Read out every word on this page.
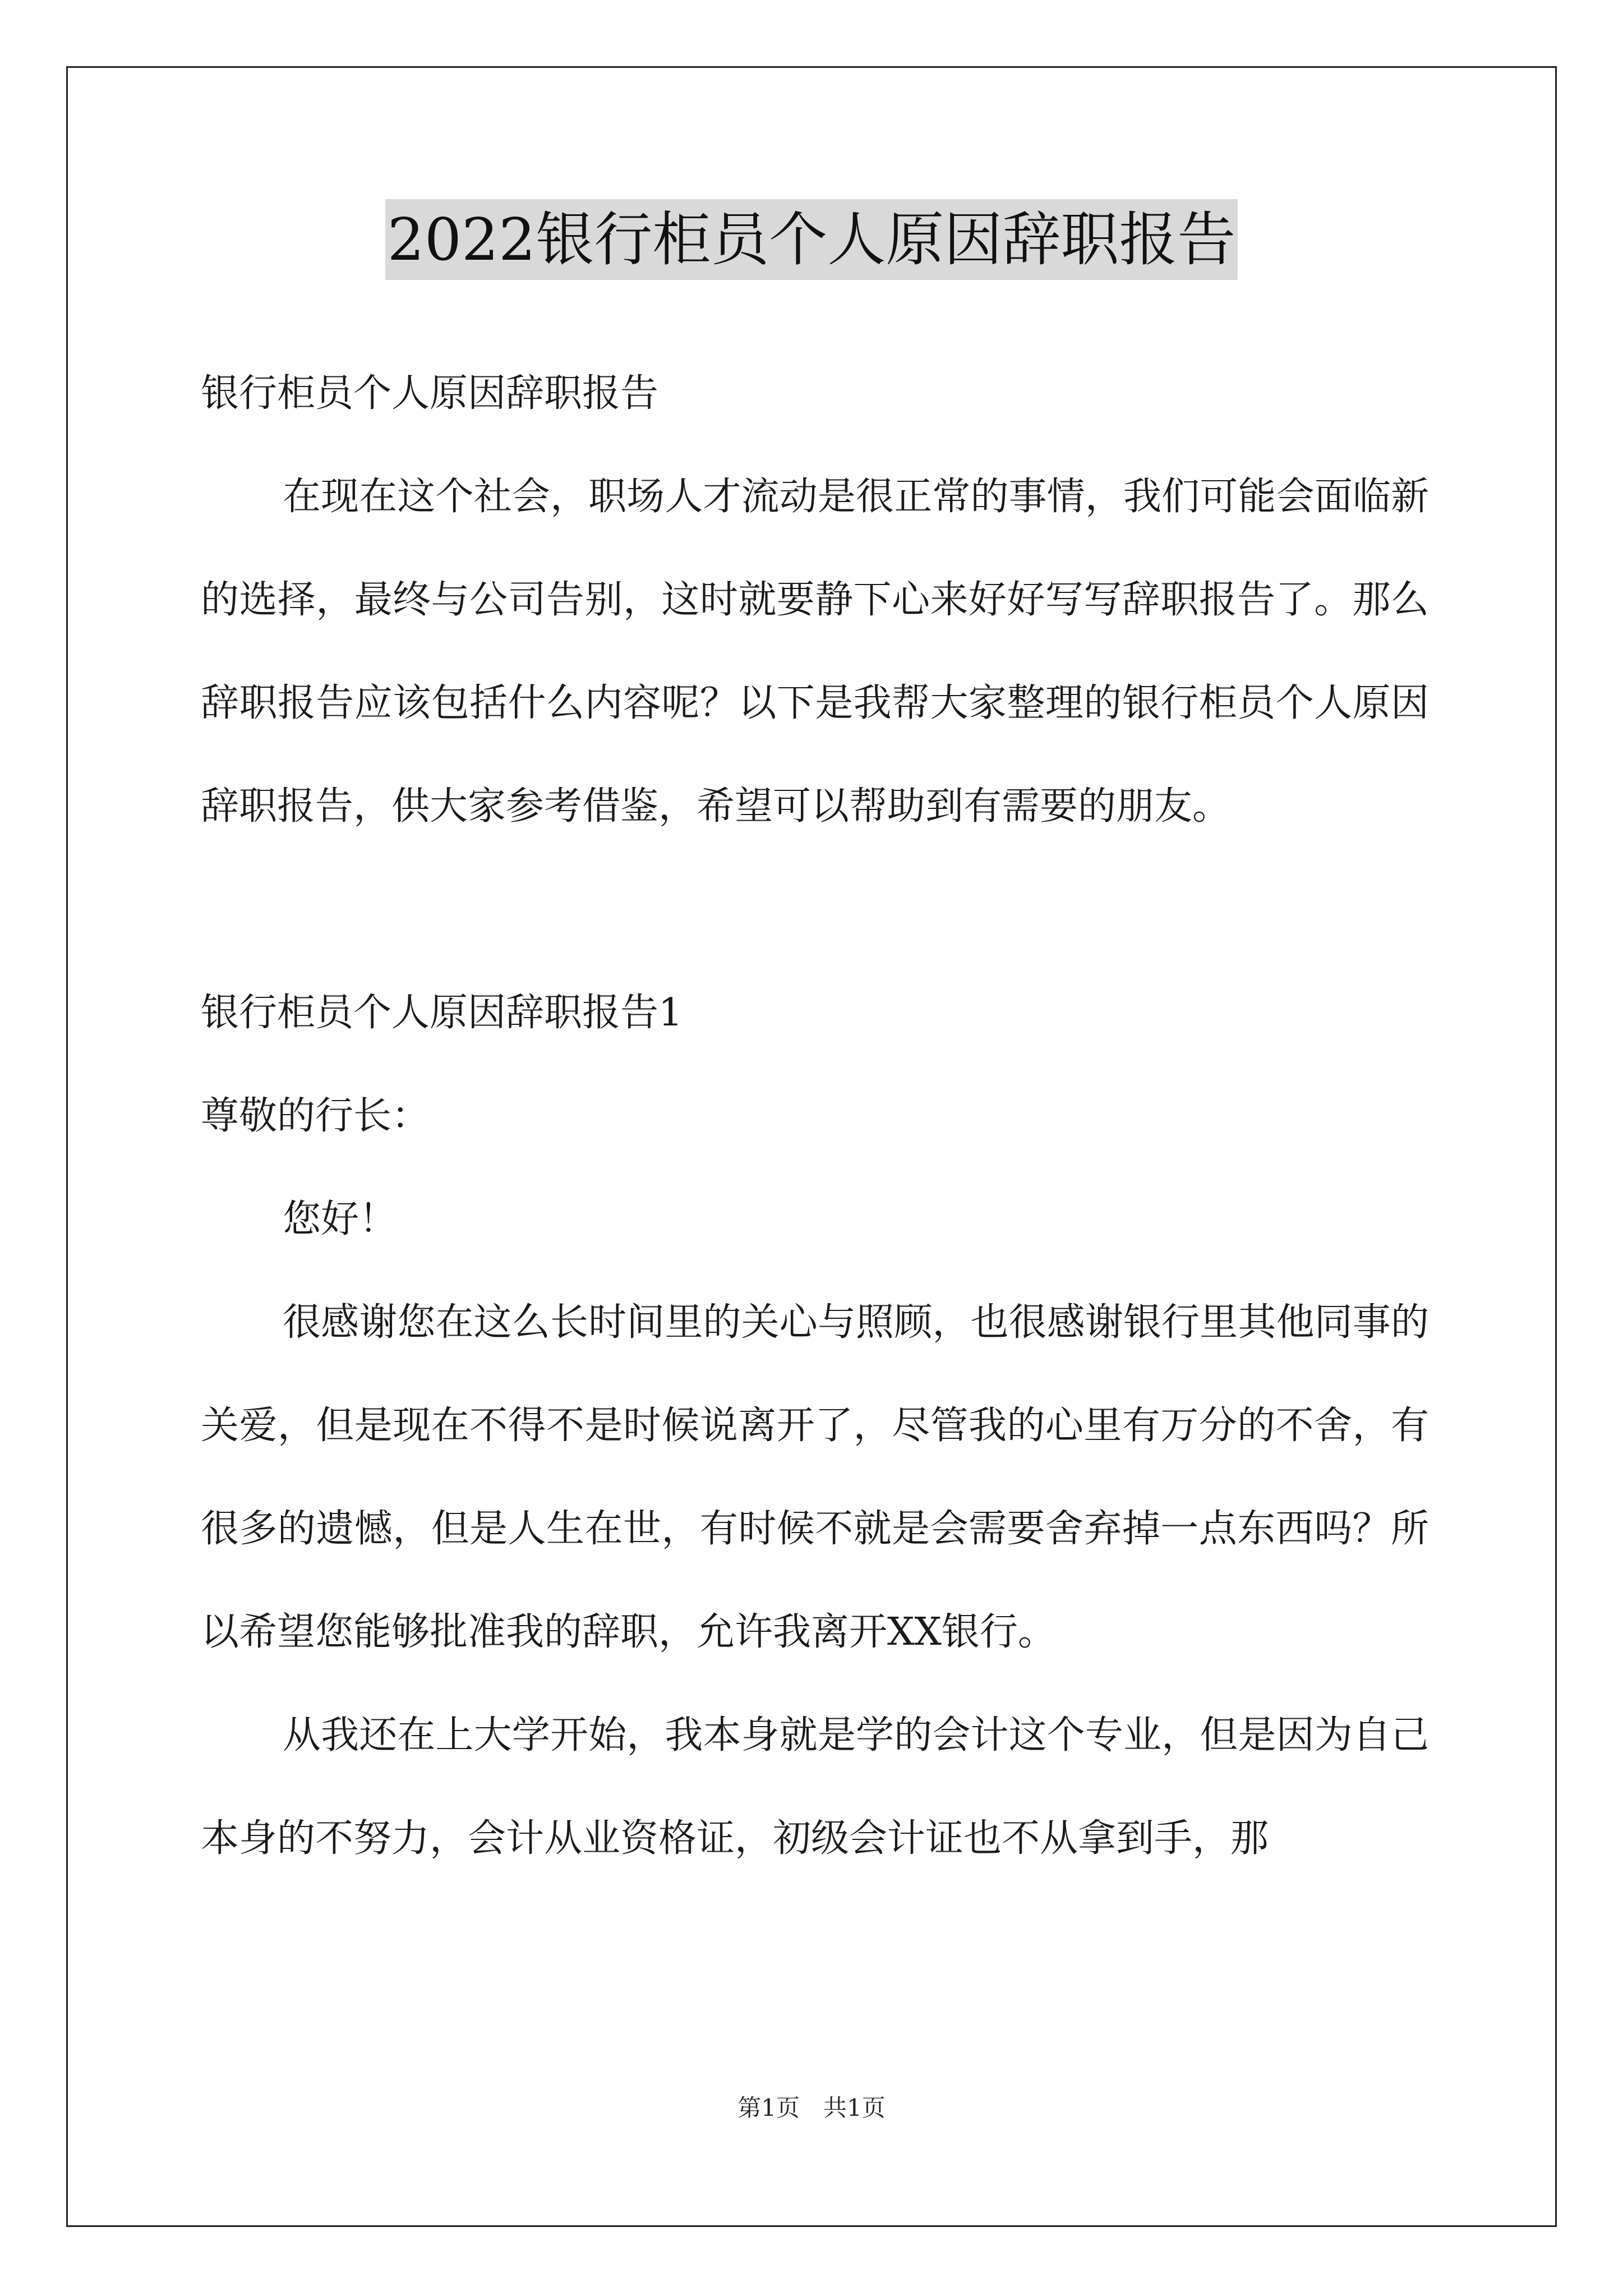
2022银行柜员个人原因辞职报告

银行柜员个人原因辞职报告

在现在这个社会，职场人才流动是很正常的事情，我们可能会面临新的选择，最终与公司告别，这时就要静下心来好好写写辞职报告了。那么辞职报告应该包括什么内容呢？以下是我帮大家整理的银行柜员个人原因辞职报告，供大家参考借鉴，希望可以帮助到有需要的朋友。

银行柜员个人原因辞职报告1

尊敬的行长：

您好！

很感谢您在这么长时间里的关心与照顾，也很感谢银行里其他同事的关爱，但是现在不得不是时候说离开了，尽管我的心里有万分的不舍，有很多的遗憾，但是人生在世，有时候不就是会需要舍弃掉一点东西吗？所以希望您能够批准我的辞职，允许我离开XX银行。

从我还在上大学开始，我本身就是学的会计这个专业，但是因为自己本身的不努力，会计从业资格证，初级会计证也不从拿到手，那

第1页　共1页
